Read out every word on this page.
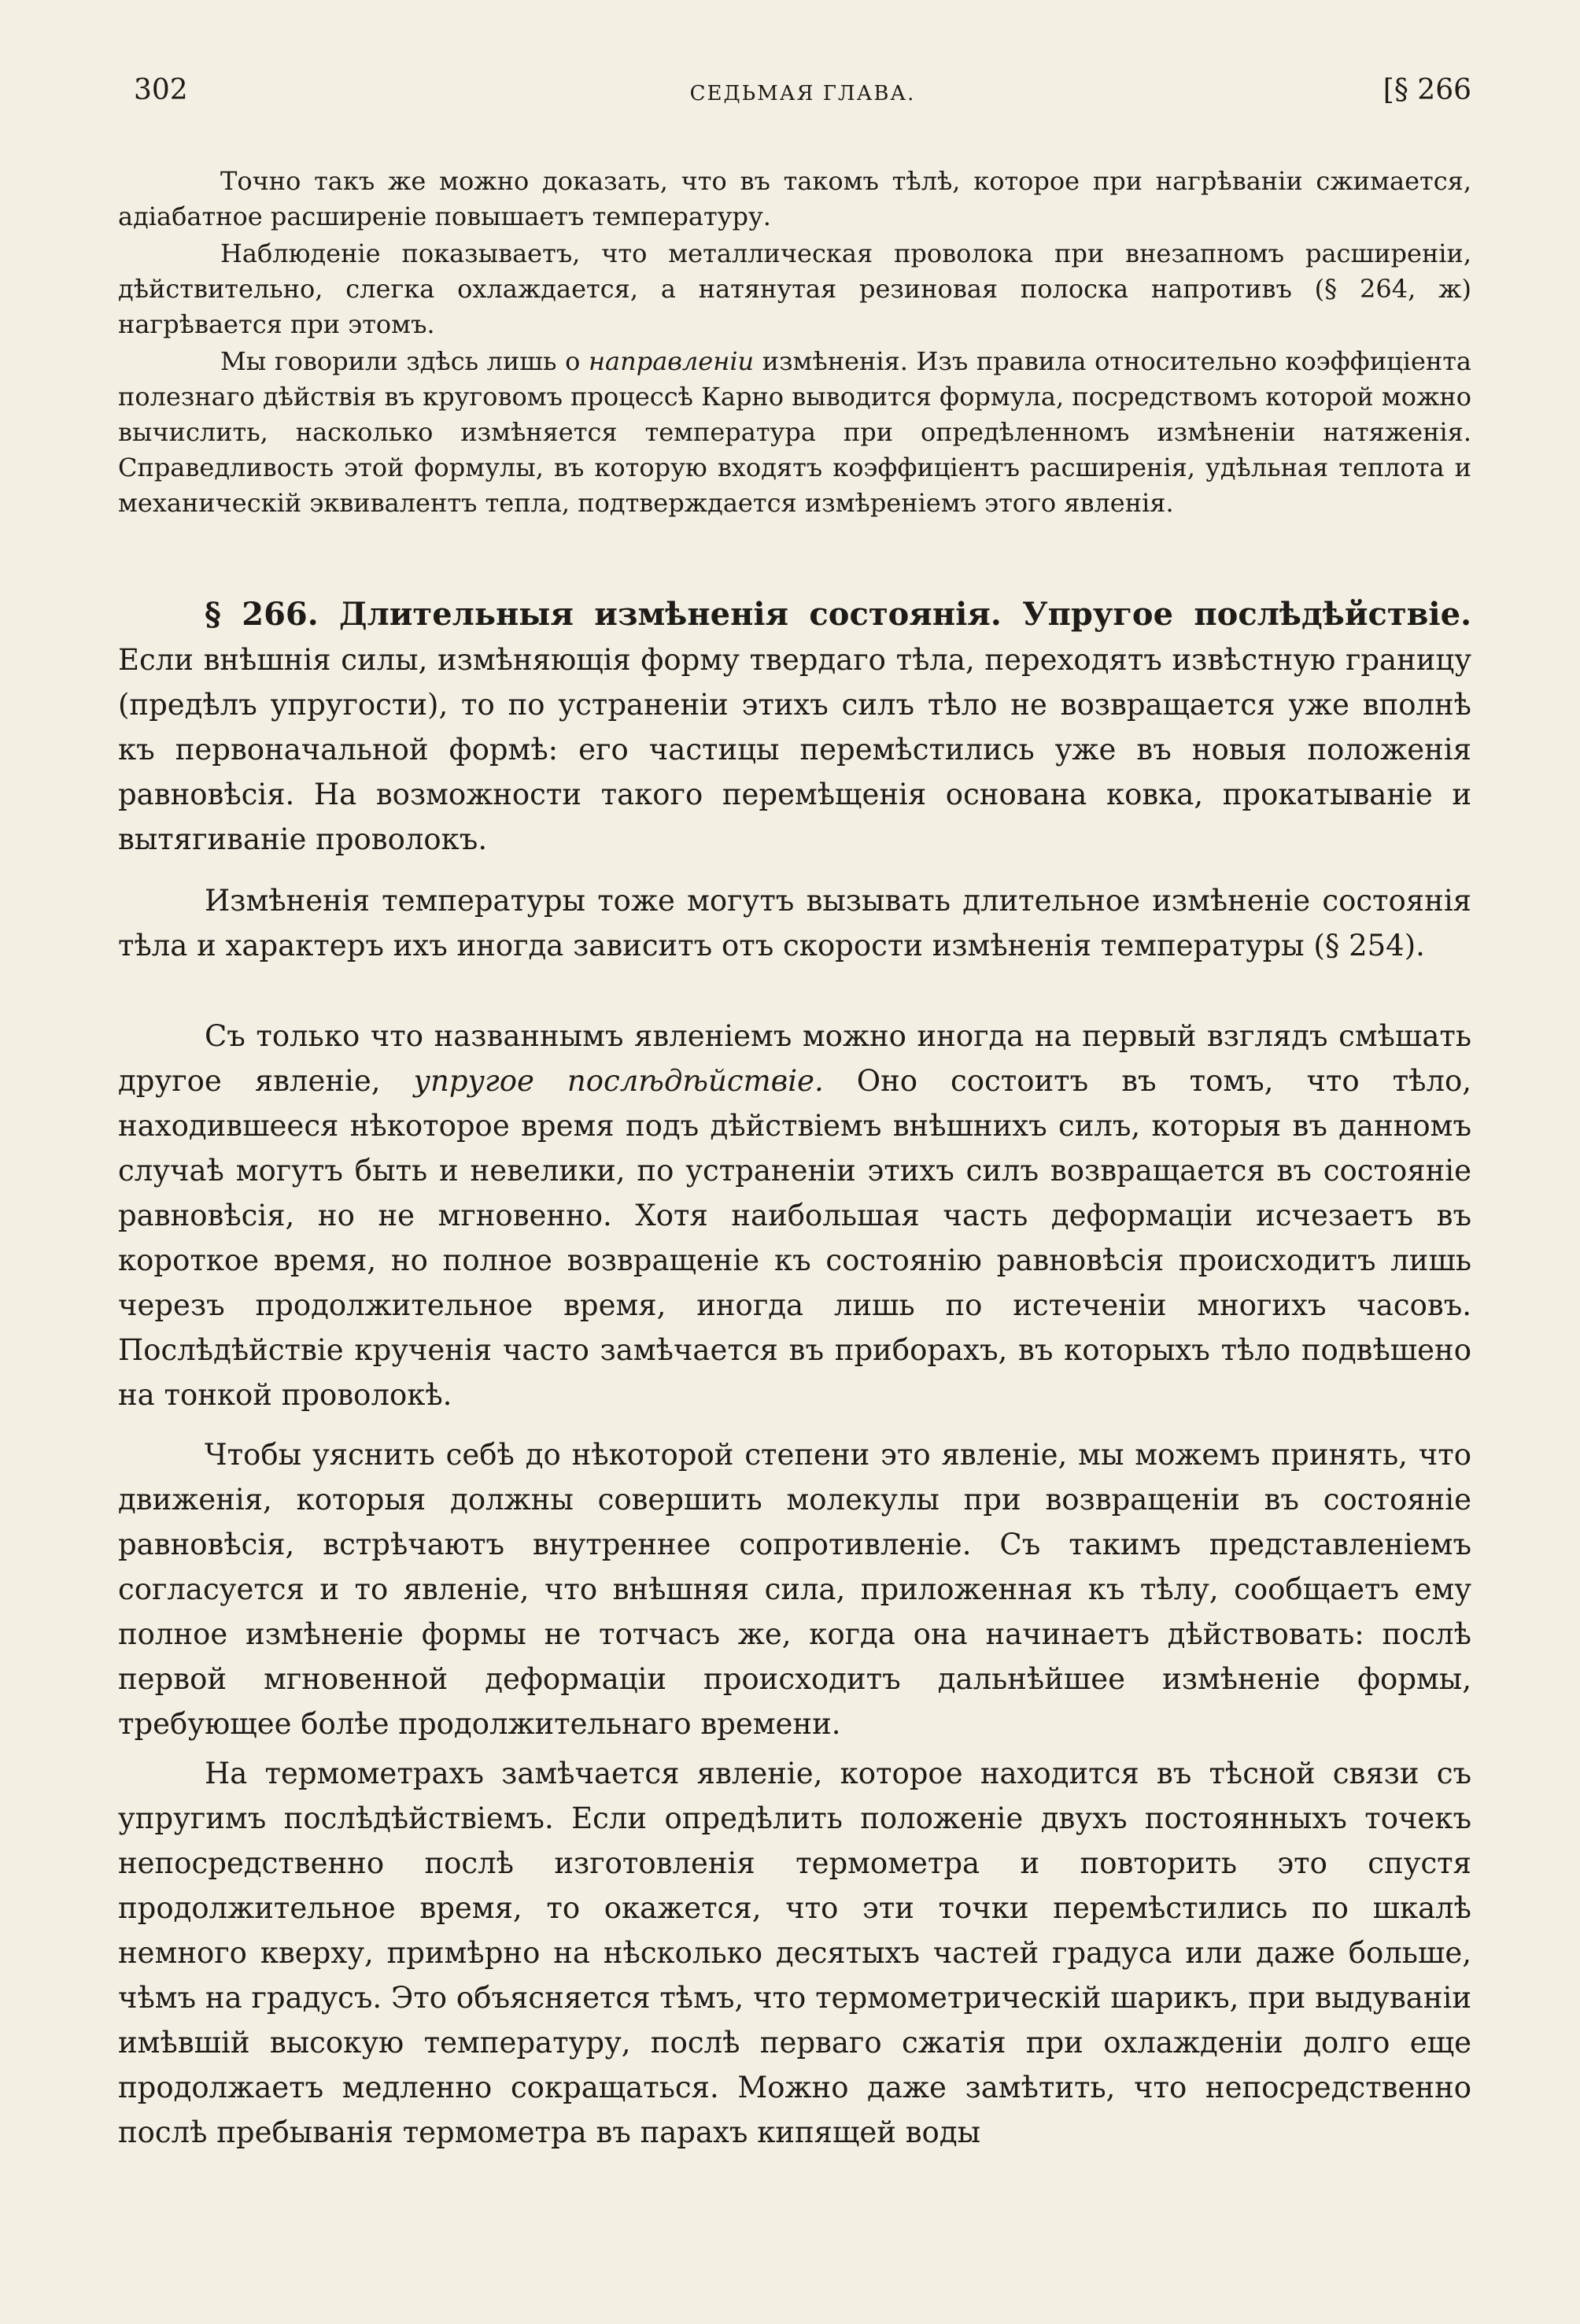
302	СЕДЬМАЯ ГЛАВА.	[§ 266

Точно такъ же можно доказать, что въ такомъ тѣлѣ, которое при нагрѣваніи сжимается, адіабатное расширеніе повышаетъ температуру.

Наблюденіе показываетъ, что металлическая проволока при внезапномъ расширеніи, дѣйствительно, слегка охлаждается, а натянутая резиновая полоска напротивъ (§ 264, ж) нагрѣвается при этомъ.

Мы говорили здѣсь лишь о направленіи измѣненія. Изъ правила относительно коэффиціента полезнаго дѣйствія въ круговомъ процессѣ Карно выводится формула, посредствомъ которой можно вычислить, насколько измѣняется температура при опредѣленномъ измѣненіи натяженія. Справедливость этой формулы, въ которую входятъ коэффиціентъ расширенія, удѣльная теплота и механическій эквивалентъ тепла, подтверждается измѣреніемъ этого явленія.

§ 266. Длительныя измѣненія состоянія. Упругое послѣдѣйствіе. Если внѣшнія силы, измѣняющія форму твердаго тѣла, переходятъ извѣстную границу (предѣлъ упругости), то по устраненіи этихъ силъ тѣло не возвращается уже вполнѣ къ первоначальной формѣ: его частицы перемѣстились уже въ новыя положенія равновѣсія. На возможности такого перемѣщенія основана ковка, прокатываніе и вытягиваніе проволокъ.

Измѣненія температуры тоже могутъ вызывать длительное измѣненіе состоянія тѣла и характеръ ихъ иногда зависитъ отъ скорости измѣненія температуры (§ 254).

Съ только что названнымъ явленіемъ можно иногда на первый взглядъ смѣшать другое явленіе, упругое послѣдѣйствіе. Оно состоитъ въ томъ, что тѣло, находившееся нѣкоторое время подъ дѣйствіемъ внѣшнихъ силъ, которыя въ данномъ случаѣ могутъ быть и невелики, по устраненіи этихъ силъ возвращается въ состояніе равновѣсія, но не мгновенно. Хотя наибольшая часть деформаціи исчезаетъ въ короткое время, но полное возвращеніе къ состоянію равновѣсія происходитъ лишь черезъ продолжительное время, иногда лишь по истеченіи многихъ часовъ. Послѣдѣйствіе крученія часто замѣчается въ приборахъ, въ которыхъ тѣло подвѣшено на тонкой проволокѣ.

Чтобы уяснить себѣ до нѣкоторой степени это явленіе, мы можемъ принять, что движенія, которыя должны совершить молекулы при возвращеніи въ состояніе равновѣсія, встрѣчаютъ внутреннее сопротивленіе. Съ такимъ представленіемъ согласуется и то явленіе, что внѣшняя сила, приложенная къ тѣлу, сообщаетъ ему полное измѣненіе формы не тотчасъ же, когда она начинаетъ дѣйствовать: послѣ первой мгновенной деформаціи происходитъ дальнѣйшее измѣненіе формы, требующее болѣе продолжительнаго времени.

На термометрахъ замѣчается явленіе, которое находится въ тѣсной связи съ упругимъ послѣдѣйствіемъ. Если опредѣлить положеніе двухъ постоянныхъ точекъ непосредственно послѣ изготовленія термометра и повторить это спустя продолжительное время, то окажется, что эти точки перемѣстились по шкалѣ немного кверху, примѣрно на нѣсколько десятыхъ частей градуса или даже больше, чѣмъ на градусъ. Это объясняется тѣмъ, что термометрическій шарикъ, при выдуваніи имѣвшій высокую температуру, послѣ перваго сжатія при охлажденіи долго еще продолжаетъ медленно сокращаться. Можно даже замѣтить, что непосредственно послѣ пребыванія термометра въ парахъ кипящей воды
